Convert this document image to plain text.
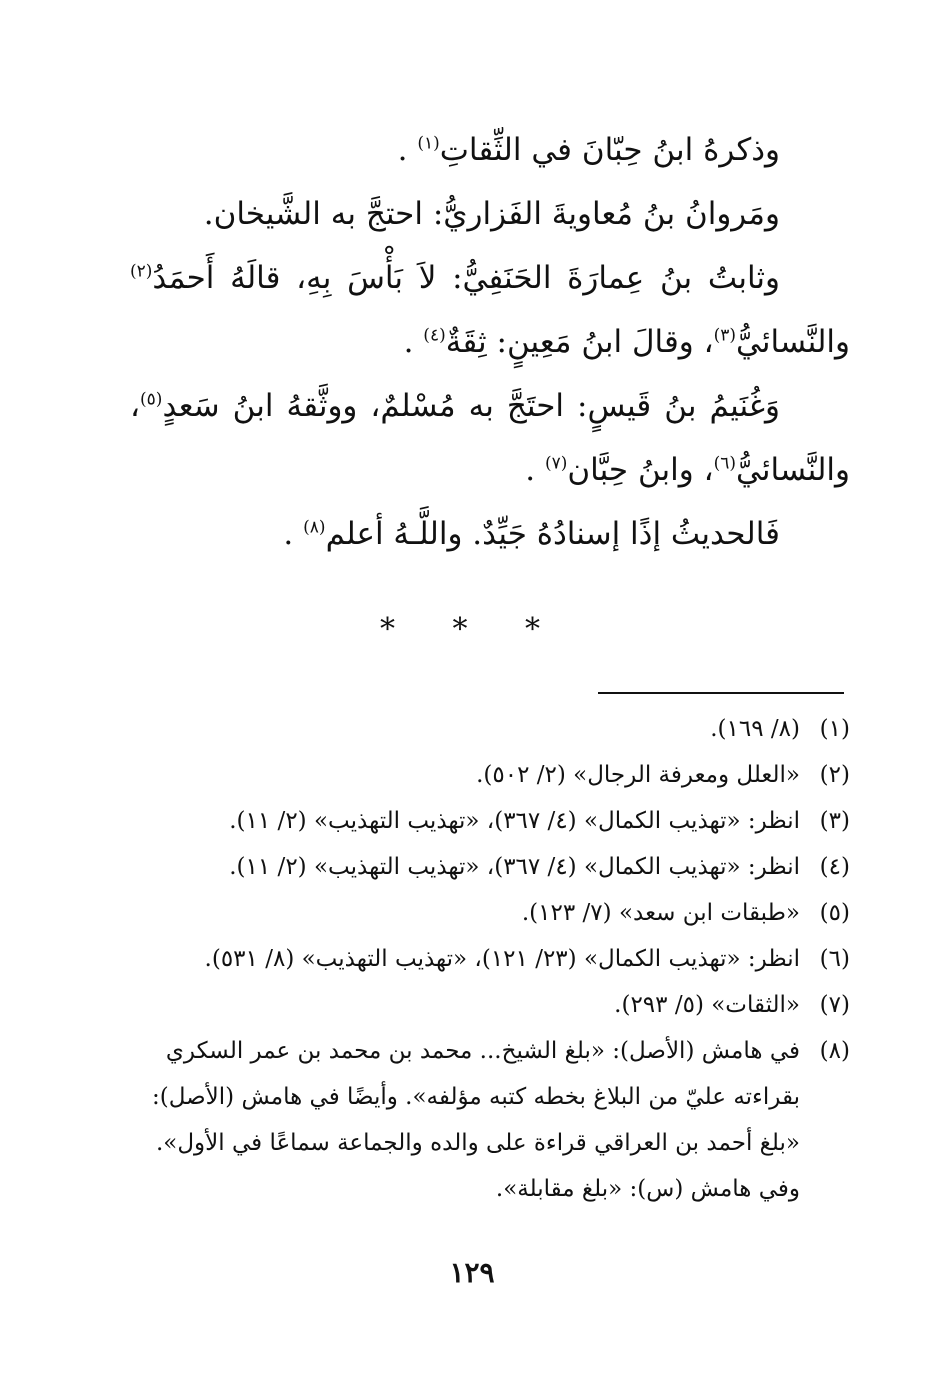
وذكرهُ ابنُ حِبّانَ في الثِّقاتِ$^{(١)}$ .

ومَروانُ بنُ مُعاويةَ الفَزاريُّ: احتجَّ به الشَّيخان.

وثابتُ بنُ عِمارَةَ الحَنَفِيُّ: لاَ بَأْسَ بِهِ، قالَهُ أَحمَدُ$^{(٢)}$ والنَّسائيُّ$^{(٣)}$، وقالَ ابنُ مَعِينٍ: ثِقَةٌ$^{(٤)}$ .

وَغُنَيمُ بنُ قَيسٍ: احتَجَّ به مُسْلمٌ، ووثَّقهُ ابنُ سَعدٍ$^{(٥)}$، والنَّسائيُّ$^{(٦)}$، وابنُ حِبَّان$^{(٧)}$ .

فَالحديثُ إذًا إسنادُهُ جَيِّدٌ. واللَّـهُ أعلم$^{(٨)}$ .

* * *
(١)
(٨/ ١٦٩).
(٢)
«العلل ومعرفة الرجال» (٢/ ٥٠٢).
(٣)
انظر: «تهذيب الكمال» (٤/ ٣٦٧)، «تهذيب التهذيب» (٢/ ١١).
(٤)
انظر: «تهذيب الكمال» (٤/ ٣٦٧)، «تهذيب التهذيب» (٢/ ١١).
(٥)
«طبقات ابن سعد» (٧/ ١٢٣).
(٦)
انظر: «تهذيب الكمال» (٢٣/ ١٢١)، «تهذيب التهذيب» (٨/ ٥٣١).
(٧)
«الثقات» (٥/ ٢٩٣).
(٨)
في هامش (الأصل): «بلغ الشيخ... محمد بن محمد بن عمر السكري بقراءته عليّ من البلاغ بخطه كتبه مؤلفه». وأيضًا في هامش (الأصل): «بلغ أحمد بن العراقي قراءة على والده والجماعة سماعًا في الأول». وفي هامش (س): «بلغ مقابلة».
١٢٩
